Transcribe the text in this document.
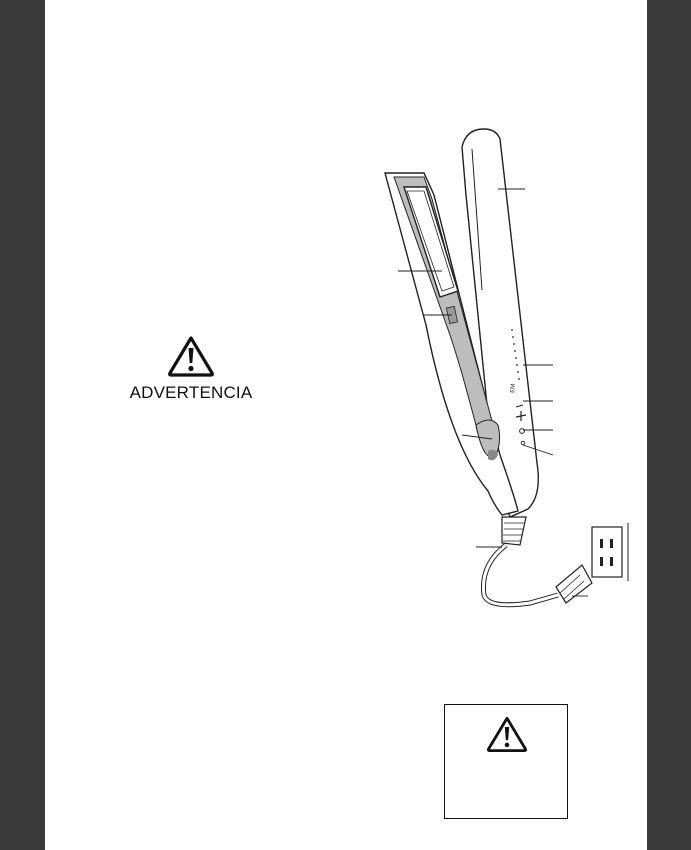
ADVERTENCIA	EM
